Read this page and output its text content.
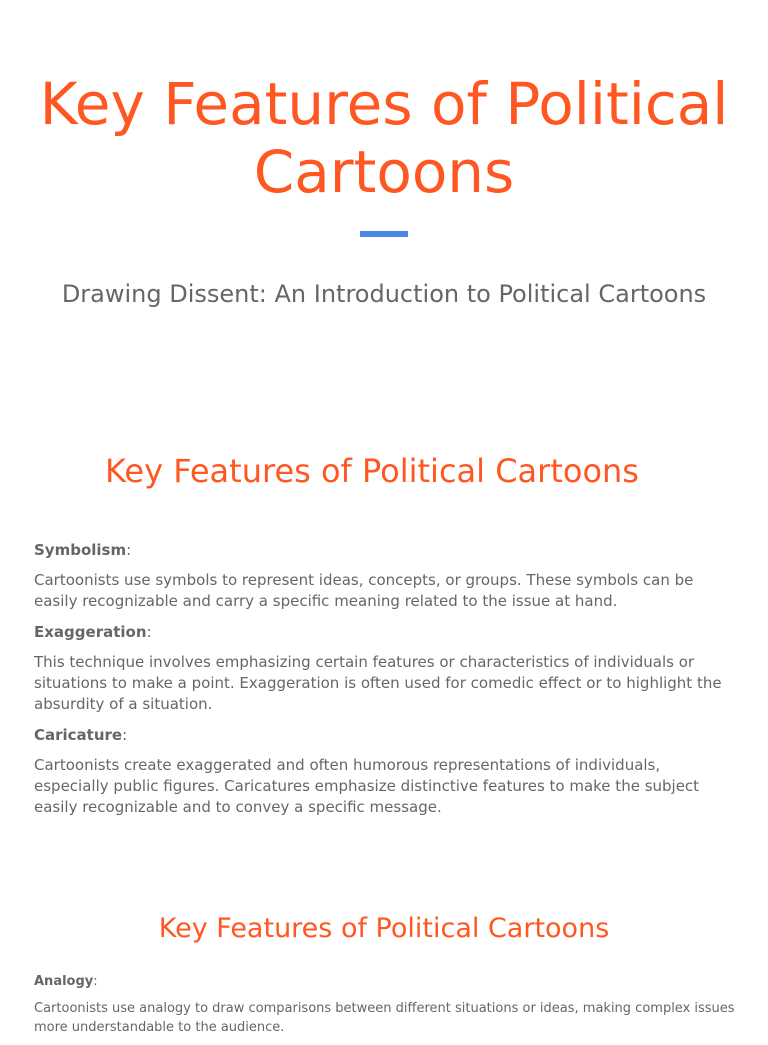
Key Features of Political Cartoons

Drawing Dissent: An Introduction to Political Cartoons

Key Features of Political Cartoons

Symbolism:

Cartoonists use symbols to represent ideas, concepts, or groups. These symbols can be easily recognizable and carry a specific meaning related to the issue at hand.

Exaggeration:

This technique involves emphasizing certain features or characteristics of individuals or situations to make a point. Exaggeration is often used for comedic effect or to highlight the absurdity of a situation.

Caricature:

Cartoonists create exaggerated and often humorous representations of individuals, especially public figures. Caricatures emphasize distinctive features to make the subject easily recognizable and to convey a specific message.

Key Features of Political Cartoons

Analogy:

Cartoonists use analogy to draw comparisons between different situations or ideas, making complex issues more understandable to the audience.
